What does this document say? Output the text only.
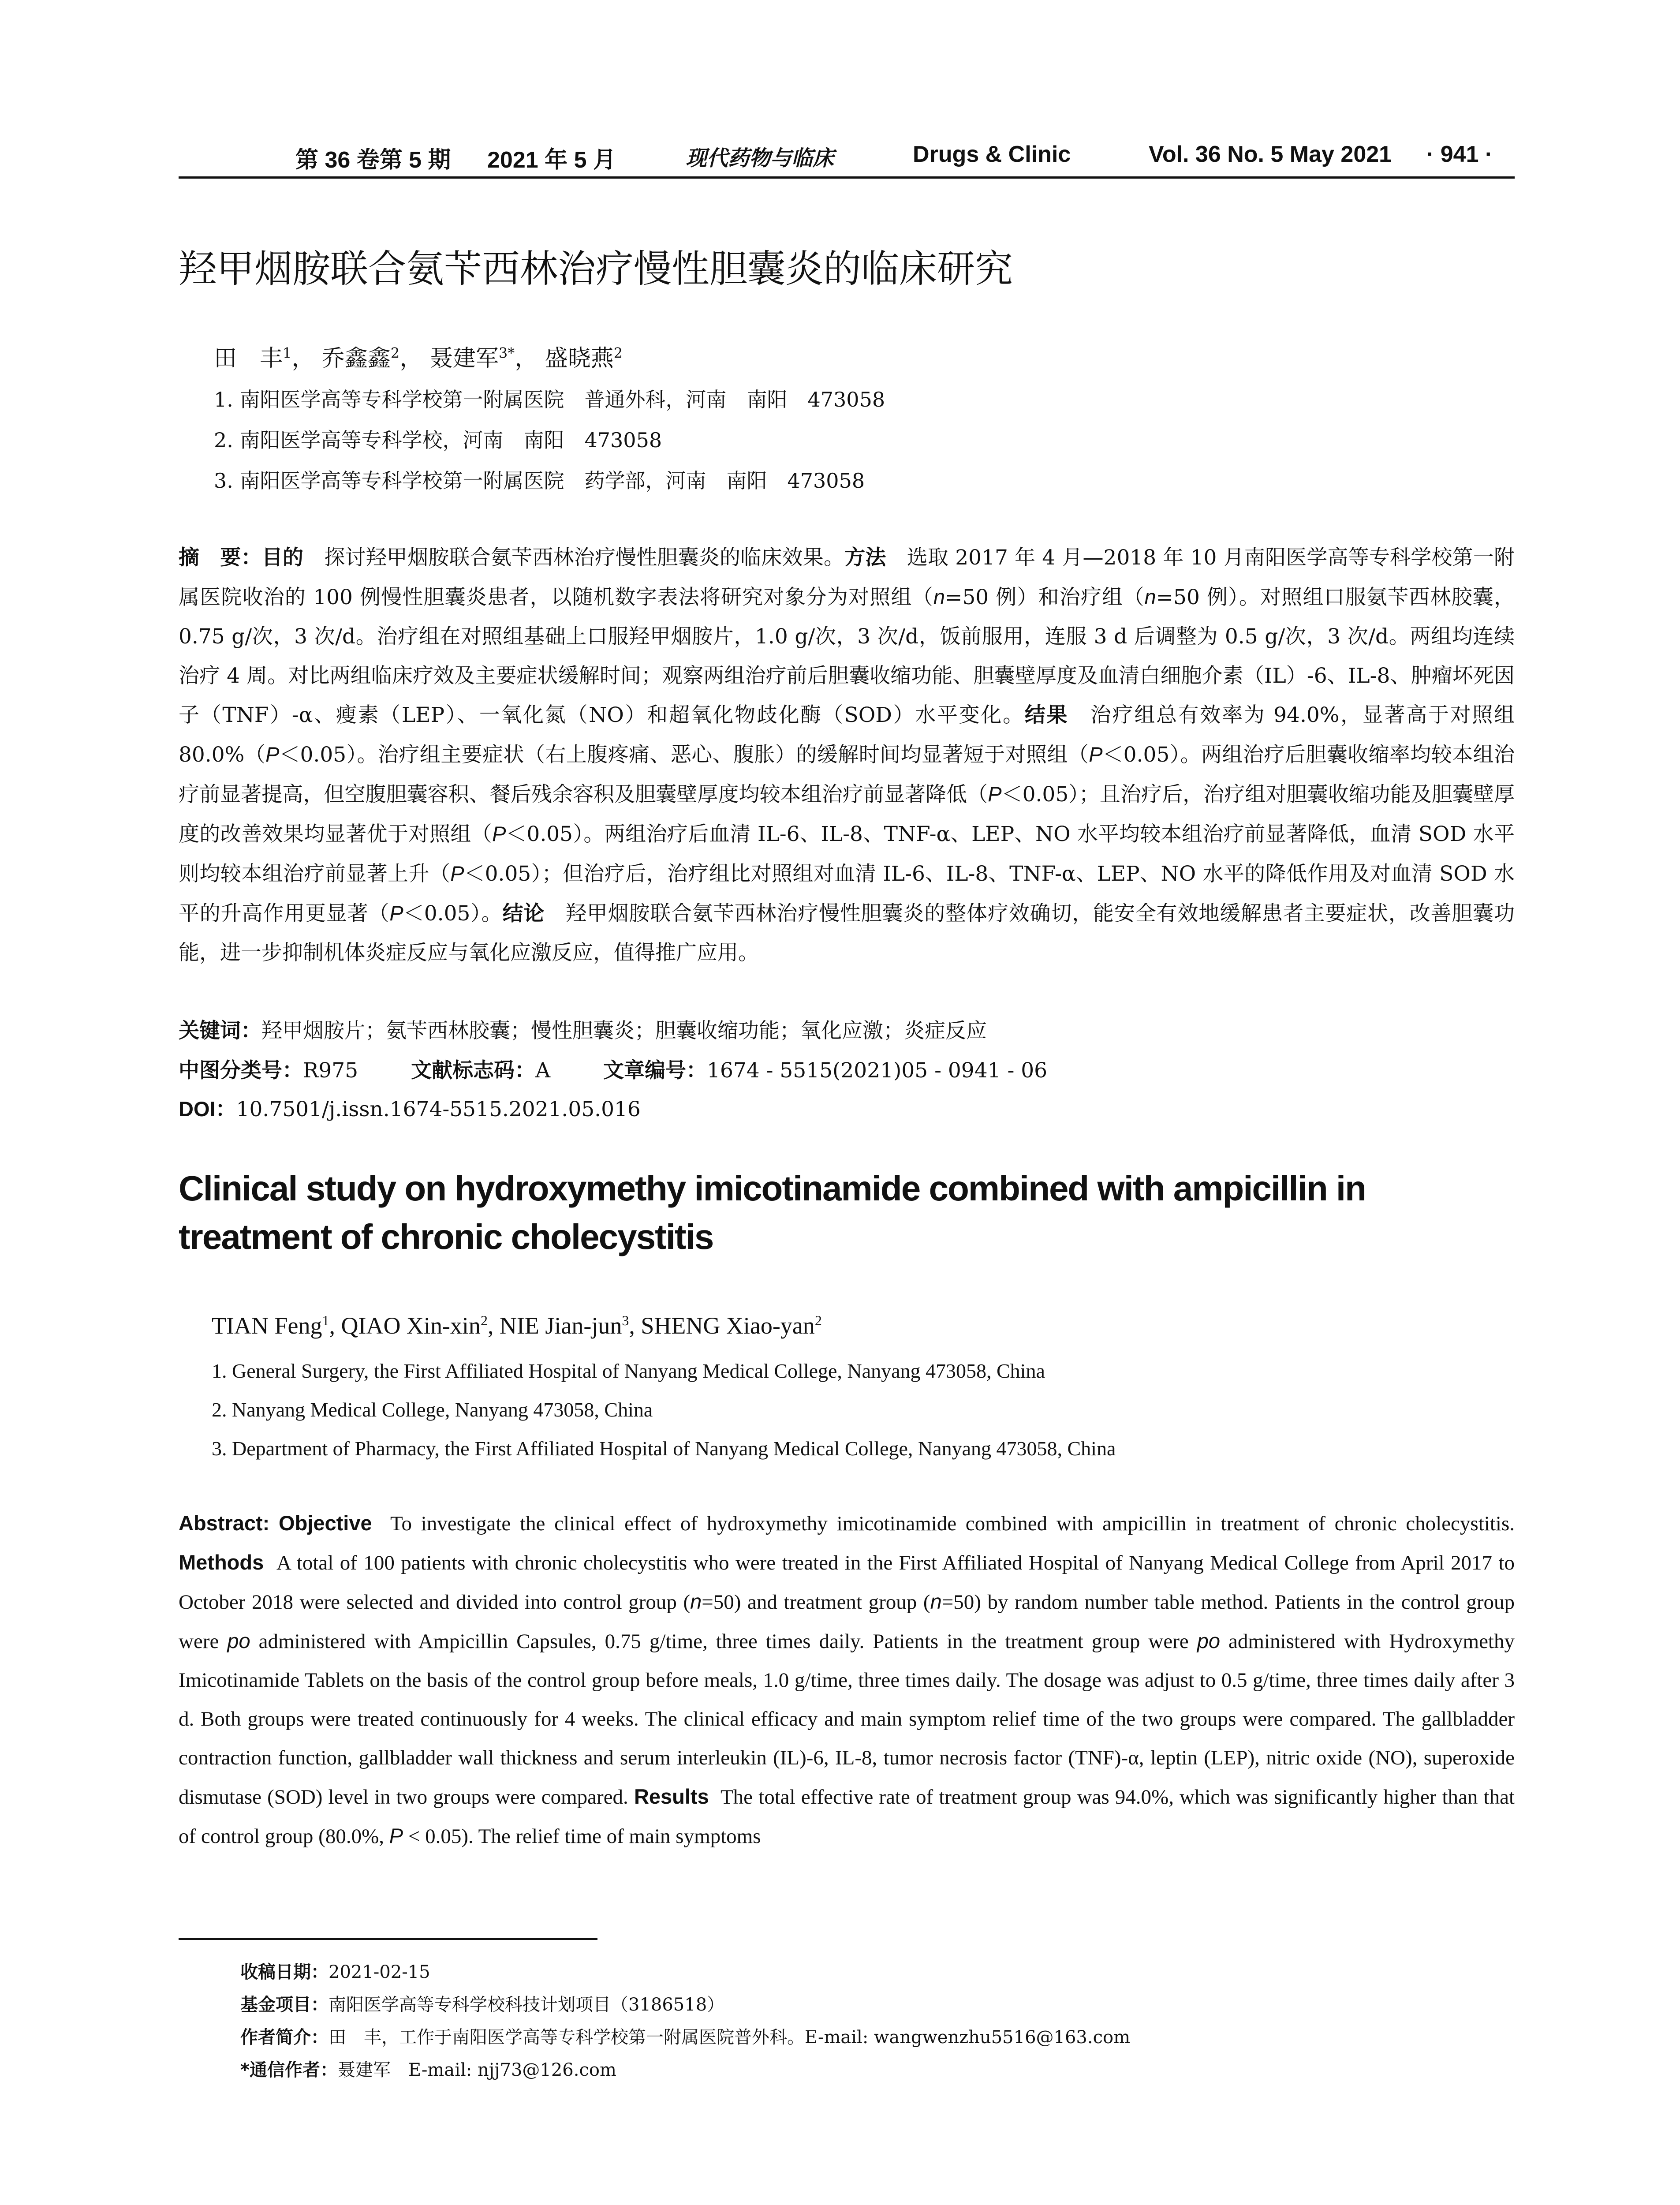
第 36 卷第 5 期 2021 年 5 月	现代药物与临床	Drugs & Clinic	Vol. 36 No. 5 May 2021 · 941 ·
羟甲烟胺联合氨苄西林治疗慢性胆囊炎的临床研究
田　丰$^1$， 乔鑫鑫$^2$， 聂建军$^{3*}$， 盛晓燕$^2$
1. 南阳医学高等专科学校第一附属医院　普通外科，河南　南阳　473058
2. 南阳医学高等专科学校，河南　南阳　473058
3. 南阳医学高等专科学校第一附属医院　药学部，河南　南阳　473058

摘　要：目的　 探讨羟甲烟胺联合氨苄西林治疗慢性胆囊炎的临床效果。方法　 选取 2017 年 4 月—2018 年 10 月南阳医学高等专科学校第一附属医院收治的 100 例慢性胆囊炎患者，以随机数字表法将研究对象分为对照组（n=50 例）和治疗组（n=50 例）。对照组口服氨苄西林胶囊，0.75 g/次，3 次/d。治疗组在对照组基础上口服羟甲烟胺片，1.0 g/次，3 次/d，饭前服用，连服 3 d 后调整为 0.5 g/次，3 次/d。两组均连续治疗 4 周。对比两组临床疗效及主要症状缓解时间；观察两组治疗前后胆囊收缩功能、胆囊壁厚度及血清白细胞介素（IL）-6、IL-8、肿瘤坏死因子（TNF）-α、瘦素（LEP）、一氧化氮（NO）和超氧化物歧化酶（SOD）水平变化。结果　 治疗组总有效率为 94.0%，显著高于对照组 80.0%（P＜0.05）。治疗组主要症状（右上腹疼痛、恶心、腹胀）的缓解时间均显著短于对照组（P＜0.05）。两组治疗后胆囊收缩率均较本组治疗前显著提高，但空腹胆囊容积、餐后残余容积及胆囊壁厚度均较本组治疗前显著降低（P＜0.05）；且治疗后，治疗组对胆囊收缩功能及胆囊壁厚度的改善效果均显著优于对照组（P＜0.05）。两组治疗后血清 IL-6、IL-8、TNF-α、LEP、NO 水平均较本组治疗前显著降低，血清 SOD 水平则均较本组治疗前显著上升（P＜0.05）；但治疗后，治疗组比对照组对血清 IL-6、IL-8、TNF-α、LEP、NO 水平的降低作用及对血清 SOD 水平的升高作用更显著（P＜0.05）。结论　 羟甲烟胺联合氨苄西林治疗慢性胆囊炎的整体疗效确切，能安全有效地缓解患者主要症状，改善胆囊功能，进一步抑制机体炎症反应与氧化应激反应，值得推广应用。

关键词：羟甲烟胺片；氨苄西林胶囊；慢性胆囊炎；胆囊收缩功能；氧化应激；炎症反应
中图分类号：R975	文献标志码：A	文章编号：1674 - 5515(2021)05 - 0941 - 06
DOI：10.7501/j.issn.1674-5515.2021.05.016
Clinical study on hydroxymethy imicotinamide combined with ampicillin in treatment of chronic cholecystitis
TIAN Feng$^1$, QIAO Xin-xin$^2$, NIE Jian-jun$^3$, SHENG Xiao-yan$^2$
1. General Surgery, the First Affiliated Hospital of Nanyang Medical College, Nanyang 473058, China
2. Nanyang Medical College, Nanyang 473058, China
3. Department of Pharmacy, the First Affiliated Hospital of Nanyang Medical College, Nanyang 473058, China

Abstract: Objective To investigate the clinical effect of hydroxymethy imicotinamide combined with ampicillin in treatment of chronic cholecystitis. Methods A total of 100 patients with chronic cholecystitis who were treated in the First Affiliated Hospital of Nanyang Medical College from April 2017 to October 2018 were selected and divided into control group (n=50) and treatment group (n=50) by random number table method. Patients in the control group were po administered with Ampicillin Capsules, 0.75 g/time, three times daily. Patients in the treatment group were po administered with Hydroxymethy Imicotinamide Tablets on the basis of the control group before meals, 1.0 g/time, three times daily. The dosage was adjust to 0.5 g/time, three times daily after 3 d. Both groups were treated continuously for 4 weeks. The clinical efficacy and main symptom relief time of the two groups were compared. The gallbladder contraction function, gallbladder wall thickness and serum interleukin (IL)-6, IL-8, tumor necrosis factor (TNF)-α, leptin (LEP), nitric oxide (NO), superoxide dismutase (SOD) level in two groups were compared. Results The total effective rate of treatment group was 94.0%, which was significantly higher than that of control group (80.0%, P < 0.05). The relief time of main symptoms

收稿日期：2021-02-15
基金项目：南阳医学高等专科学校科技计划项目（3186518）
作者简介：田　丰，工作于南阳医学高等专科学校第一附属医院普外科。E-mail: wangwenzhu5516@163.com
*通信作者：聂建军　E-mail: njj73@126.com
